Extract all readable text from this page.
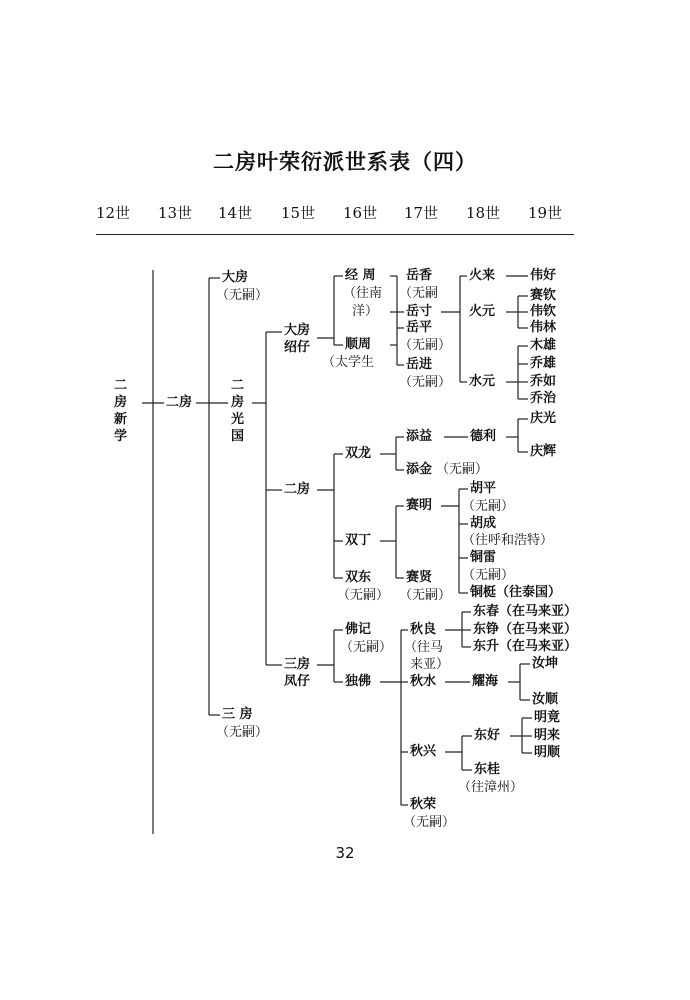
二房叶荣衍派世系表（四）
12世 13世 14世 15世 16世 17世 18世 19世
二房新学
二房
大房
（无嗣）
二房光国
三 房
（无嗣）
大房
绍仔
二房
三房
凤仔
经 周
（往南
洋）
顺周
（太学生
双龙
双丁
双东
（无嗣）
佛记
（无嗣）
独佛
岳香
（无嗣
岳寸
岳平
（无嗣）
岳进
（无嗣）
添益
添金 （无嗣）
赛明
赛贤
（无嗣）
秋良
（往马
来亚）
秋水
秋兴
秋荣
（无嗣）
火来
火元
水元
德利
胡平
（无嗣）
胡成
（往呼和浩特）
铜雷
（无嗣）
铜梃（往泰国）
东春（在马来亚）
东铮（在马来亚）
东升（在马来亚）
耀海
东好
东桂
（往漳州）
伟好
赛钦
伟钦
伟林
木雄
乔雄
乔如
乔治
庆光
庆辉
汝坤
汝顺
明竟
明来
明顺
32
